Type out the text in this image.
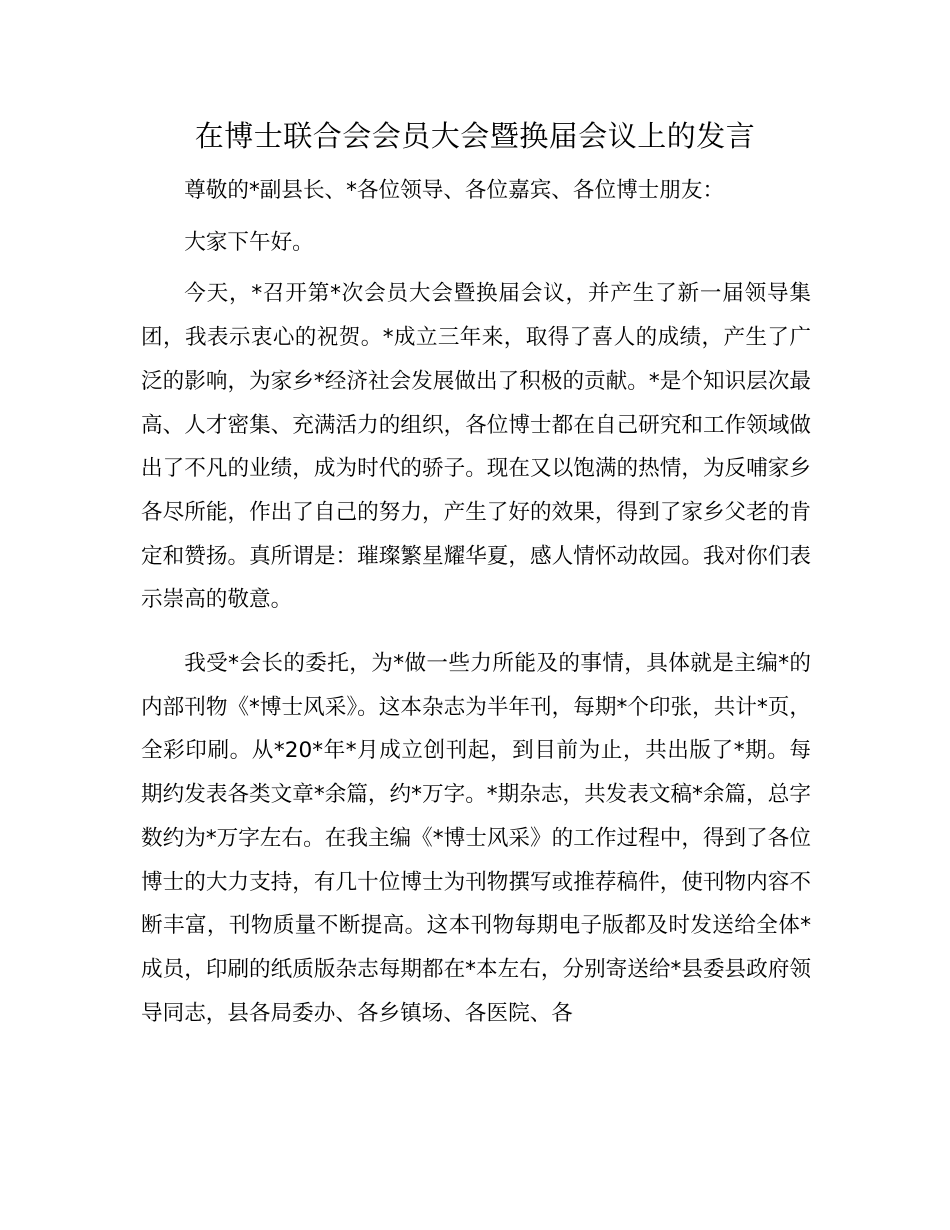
在博士联合会会员大会暨换届会议上的发言

尊敬的*副县长、*各位领导、各位嘉宾、各位博士朋友：

大家下午好。

今天，*召开第*次会员大会暨换届会议，并产生了新一届领导集团，我表示衷心的祝贺。*成立三年来，取得了喜人的成绩，产生了广泛的影响，为家乡*经济社会发展做出了积极的贡献。*是个知识层次最高、人才密集、充满活力的组织，各位博士都在自己研究和工作领域做出了不凡的业绩，成为时代的骄子。现在又以饱满的热情，为反哺家乡各尽所能，作出了自己的努力，产生了好的效果，得到了家乡父老的肯定和赞扬。真所谓是：璀璨繁星耀华夏，感人情怀动故园。我对你们表示崇高的敬意。

我受*会长的委托，为*做一些力所能及的事情，具体就是主编*的内部刊物《*博士风采》。这本杂志为半年刊，每期*个印张，共计*页，全彩印刷。从*20*年*月成立创刊起，到目前为止，共出版了*期。每期约发表各类文章*余篇，约*万字。*期杂志，共发表文稿*余篇，总字数约为*万字左右。在我主编《*博士风采》的工作过程中，得到了各位博士的大力支持，有几十位博士为刊物撰写或推荐稿件，使刊物内容不断丰富，刊物质量不断提高。这本刊物每期电子版都及时发送给全体*成员，印刷的纸质版杂志每期都在*本左右，分别寄送给*县委县政府领导同志，县各局委办、各乡镇场、各医院、各
